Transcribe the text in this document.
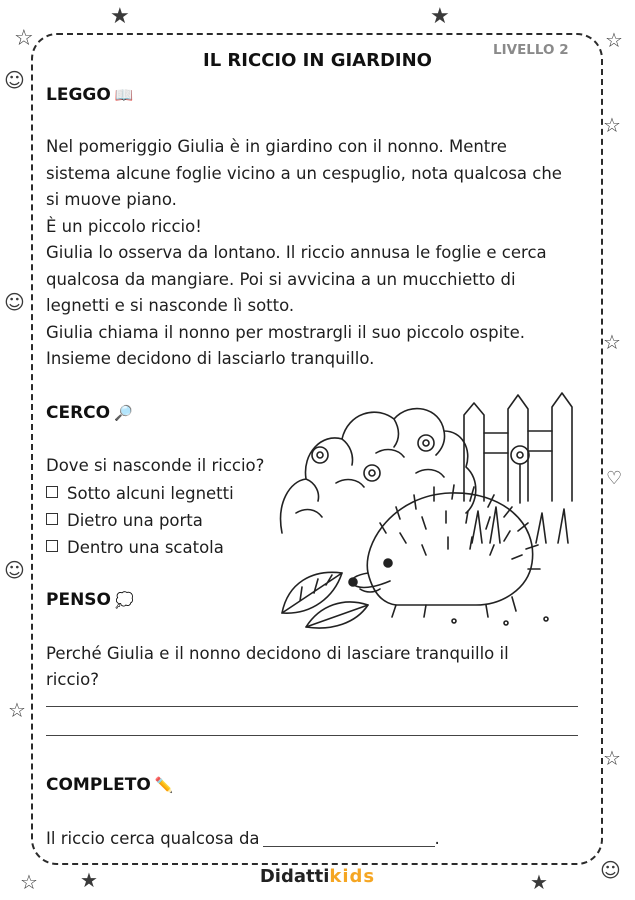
★	★
☆	☆
☺
☆
☺
☆
♡
☺
☆
☆
★	★	☺
☆
IL RICCIO IN GIARDINO	LIVELLO 2
LEGGO 📖
Nel pomeriggio Giulia è in giardino con il nonno. Mentre
sistema alcune foglie vicino a un cespuglio, nota qualcosa che
si muove piano.
È un piccolo riccio!
Giulia lo osserva da lontano. Il riccio annusa le foglie e cerca
qualcosa da mangiare. Poi si avvicina a un mucchietto di
legnetti e si nasconde lì sotto.
Giulia chiama il nonno per mostrargli il suo piccolo ospite.
Insieme decidono di lasciarlo tranquillo.
CERCO 🔎
Dove si nasconde il riccio?
Sotto alcuni legnetti
Dietro una porta
Dentro una scatola
PENSO 💭
Perché Giulia e il nonno decidono di lasciare tranquillo il
riccio?
COMPLETO ✏️
Il riccio cerca qualcosa da	.
Didattikids
